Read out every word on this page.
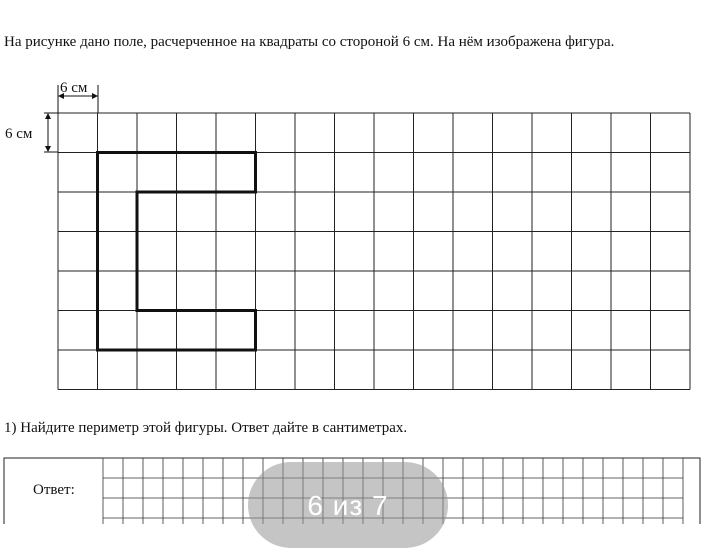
На рисунке дано поле, расчерченное на квадраты со стороной 6 см. На нём изображена фигура.
6 см
6 см
1) Найдите периметр этой фигуры. Ответ дайте в сантиметрах.
Ответ:	6 из 7
